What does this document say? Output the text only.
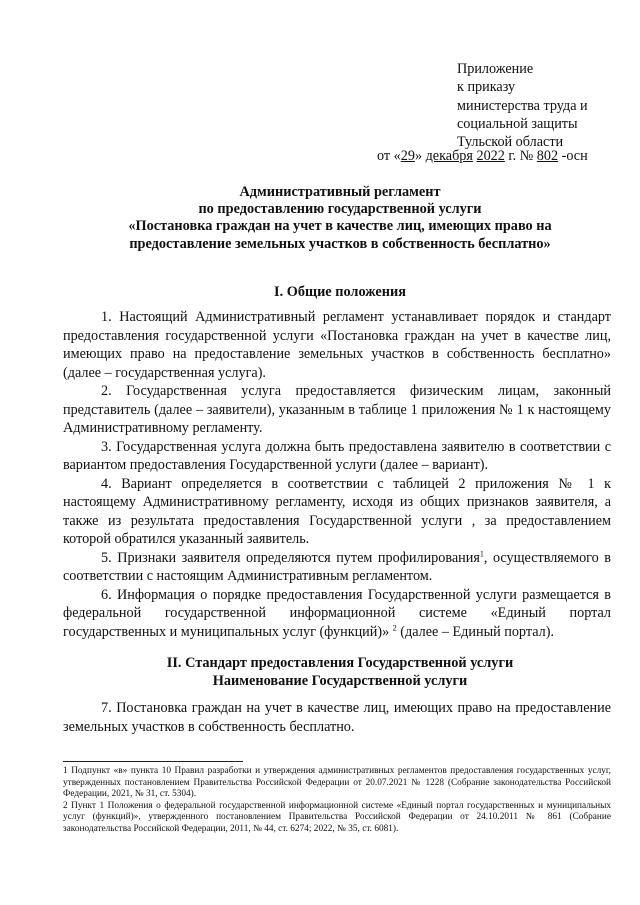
Приложение
к приказу
министерства труда и
социальной защиты
Тульской области
от «29» декабря 2022 г. № 802 -осн
Административный регламент
по предоставлению государственной услуги
«Постановка граждан на учет в качестве лиц, имеющих право на
предоставление земельных участков в собственность бесплатно»
I. Общие положения

1. Настоящий Административный регламент устанавливает порядок и стандарт предоставления государственной услуги «Постановка граждан на учет в качестве лиц, имеющих право на предоставление земельных участков в собственность бесплатно» (далее – государственная услуга).

2. Государственная услуга предоставляется физическим лицам, законный представитель (далее – заявители), указанным в таблице 1 приложения № 1 к настоящему Административному регламенту.

3. Государственная услуга должна быть предоставлена заявителю в соответствии с вариантом предоставления Государственной услуги (далее – вариант).

4. Вариант определяется в соответствии с таблицей 2 приложения № 1 к настоящему Административному регламенту, исходя из общих признаков заявителя, а также из результата предоставления Государственной услуги , за предоставлением которой обратился указанный заявитель.

5. Признаки заявителя определяются путем профилирования$^1$, осуществляемого в соответствии с настоящим Административным регламентом.

6. Информация о порядке предоставления Государственной услуги размещается в федеральной государственной информационной системе «Единый портал государственных и муниципальных услуг (функций)» $^2$ (далее – Единый портал).

II. Стандарт предоставления Государственной услуги
Наименование Государственной услуги

7. Постановка граждан на учет в качестве лиц, имеющих право на предоставление земельных участков в собственность бесплатно.

1 Подпункт «в» пункта 10 Правил разработки и утверждения административных регламентов предоставления государственных услуг, утвержденных постановлением Правительства Российской Федерации от 20.07.2021 № 1228 (Собрание законодательства Российской Федерации, 2021, № 31, ст. 5304).

2 Пункт 1 Положения о федеральной государственной информационной системе «Единый портал государственных и муниципальных услуг (функций)», утвержденного постановлением Правительства Российской Федерации от 24.10.2011 № 861 (Собрание законодательства Российской Федерации, 2011, № 44, ст. 6274; 2022, № 35, ст. 6081).
